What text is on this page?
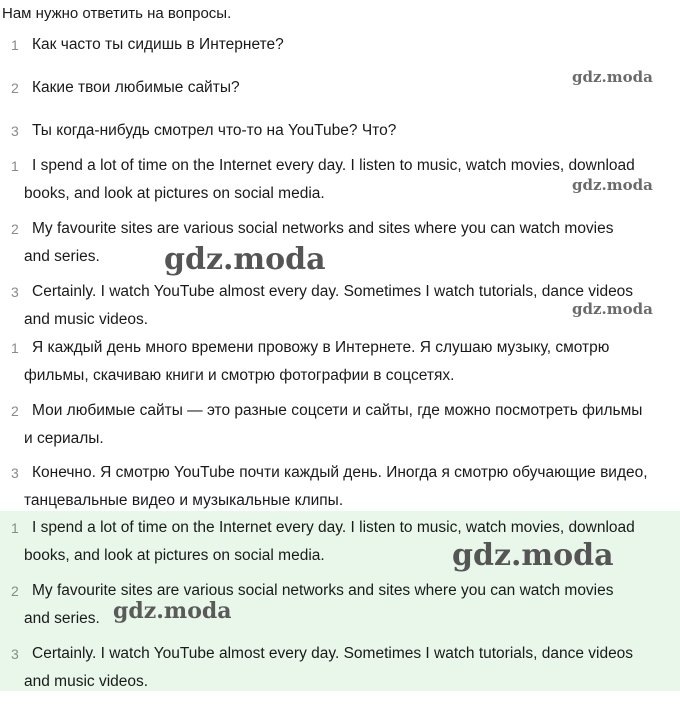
Нам нужно ответить на вопросы.
1 Как часто ты сидишь в Интернете?
2 Какие твои любимые сайты?
3 Ты когда-нибудь смотрел что-то на YouTube? Что?
1 I spend a lot of time on the Internet every day. I listen to music, watch movies, download
books, and look at pictures on social media.
2 My favourite sites are various social networks and sites where you can watch movies
and series.
3 Certainly. I watch YouTube almost every day. Sometimes I watch tutorials, dance videos
and music videos.
1 Я каждый день много времени провожу в Интернете. Я слушаю музыку, смотрю
фильмы, скачиваю книги и смотрю фотографии в соцсетях.
2 Мои любимые сайты — это разные соцсети и сайты, где можно посмотреть фильмы
и сериалы.
3 Конечно. Я смотрю YouTube почти каждый день. Иногда я смотрю обучающие видео,
танцевальные видео и музыкальные клипы.
1 I spend a lot of time on the Internet every day. I listen to music, watch movies, download
books, and look at pictures on social media.
2 My favourite sites are various social networks and sites where you can watch movies
and series.
3 Certainly. I watch YouTube almost every day. Sometimes I watch tutorials, dance videos
and music videos.
gdz.moda
gdz.moda
gdz.moda
gdz.moda
gdz.moda
gdz.moda
